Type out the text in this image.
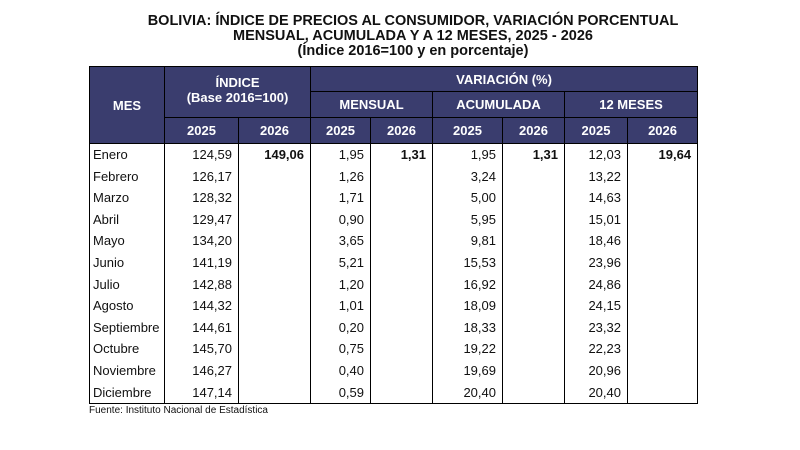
BOLIVIA: ÍNDICE DE PRECIOS AL CONSUMIDOR, VARIACIÓN PORCENTUAL
MENSUAL, ACUMULADA Y A 12 MESES, 2025 - 2026
(Índice 2016=100 y en porcentaje)
MES	ÍNDICE
(Base 2016=100)		VARIACIÓN (%)					
			MENSUAL		ACUMULADA		12 MESES	
	2025	2026	2025	2026	2025	2026	2025	2026
Enero	124,59	149,06	1,95	1,31	1,95	1,31	12,03	19,64
Febrero	126,17		1,26		3,24		13,22	
Marzo	128,32		1,71		5,00		14,63	
Abril	129,47		0,90		5,95		15,01	
Mayo	134,20		3,65		9,81		18,46	
Junio	141,19		5,21		15,53		23,96	
Julio	142,88		1,20		16,92		24,86	
Agosto	144,32		1,01		18,09		24,15	
Septiembre	144,61		0,20		18,33		23,32	
Octubre	145,70		0,75		19,22		22,23	
Noviembre	146,27		0,40		19,69		20,96	
Diciembre	147,14		0,59		20,40		20,40	
Fuente: Instituto Nacional de Estadística
